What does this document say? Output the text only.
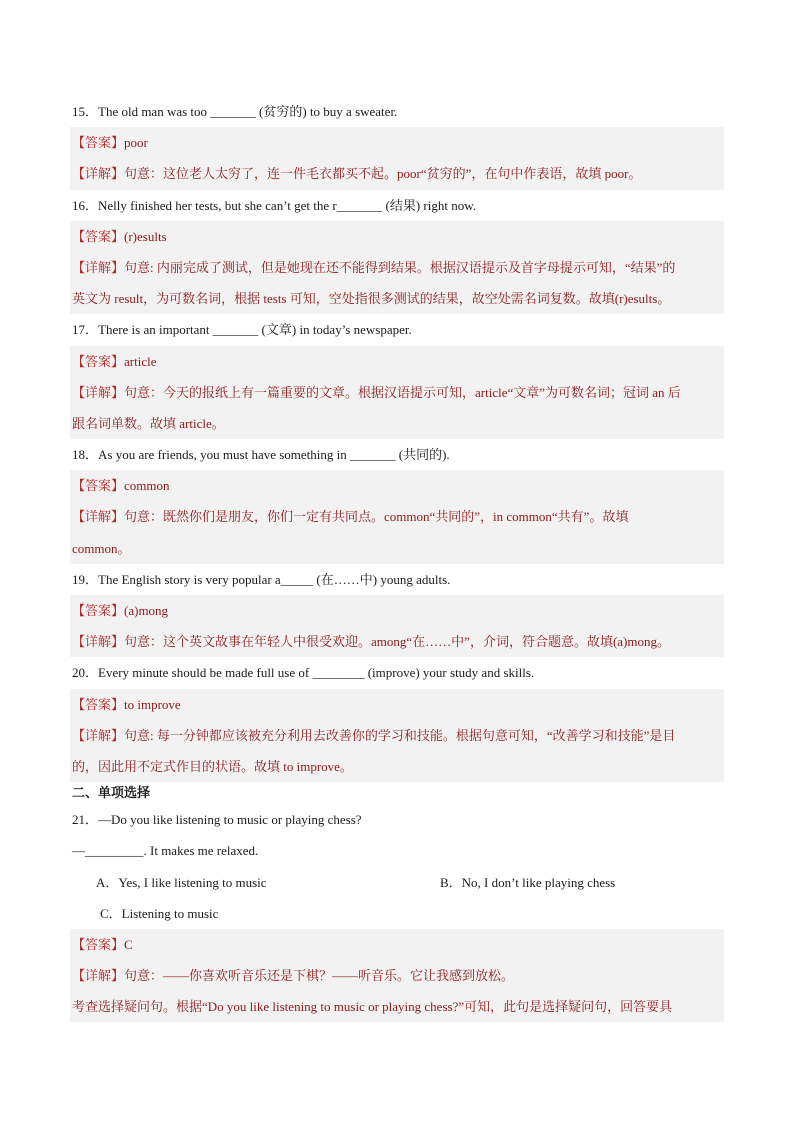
15．The old man was too _______ (贫穷的) to buy a sweater.
【答案】poor
【详解】句意：这位老人太穷了，连一件毛衣都买不起。poor“贫穷的”，在句中作表语，故填 poor。
16．Nelly finished her tests, but she can’t get the r_______ (结果) right now.
【答案】(r)esults
【详解】句意: 内丽完成了测试，但是她现在还不能得到结果。根据汉语提示及首字母提示可知，“结果”的
英文为 result，为可数名词，根据 tests 可知，空处指很多测试的结果，故空处需名词复数。故填(r)esults。
17．There is an important _______ (文章) in today’s newspaper.
【答案】article
【详解】句意：今天的报纸上有一篇重要的文章。根据汉语提示可知，article“文章”为可数名词；冠词 an 后
跟名词单数。故填 article。
18．As you are friends, you must have something in _______ (共同的).
【答案】common
【详解】句意：既然你们是朋友，你们一定有共同点。common“共同的”，in common“共有”。故填
common。
19．The English story is very popular a_____ (在……中) young adults.
【答案】(a)mong
【详解】句意：这个英文故事在年轻人中很受欢迎。among“在……中”，介词，符合题意。故填(a)mong。
20．Every minute should be made full use of ________ (improve) your study and skills.
【答案】to improve
【详解】句意: 每一分钟都应该被充分利用去改善你的学习和技能。根据句意可知，“改善学习和技能”是目
的，因此用不定式作目的状语。故填 to improve。
二、单项选择
21．—Do you like listening to music or playing chess?
—_________. It makes me relaxed.
A．Yes, I like listening to music	B．No, I don’t like playing chess
C．Listening to music
【答案】C
【详解】句意：——你喜欢听音乐还是下棋？——听音乐。它让我感到放松。
考查选择疑问句。根据“Do you like listening to music or playing chess?”可知，此句是选择疑问句，回答要具
